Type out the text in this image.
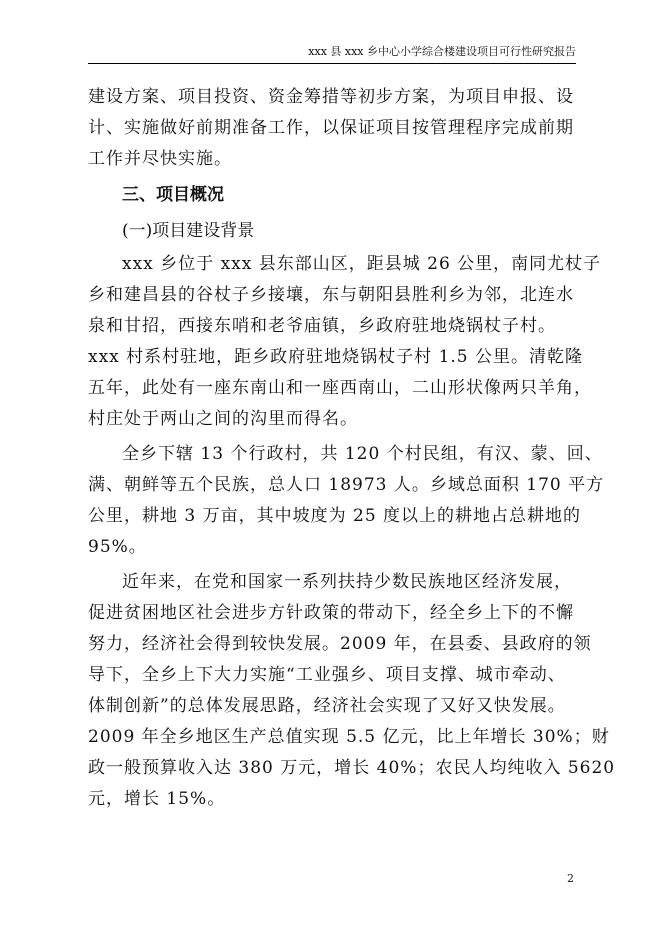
xxx 县 xxx 乡中心小学综合楼建设项目可行性研究报告
建设方案、项目投资、资金筹措等初步方案，为项目申报、设
计、实施做好前期准备工作，以保证项目按管理程序完成前期
工作并尽快实施。
三、项目概况
(一)项目建设背景
xxx 乡位于 xxx 县东部山区，距县城 26 公里，南同尤杖子
乡和建昌县的谷杖子乡接壤，东与朝阳县胜利乡为邻，北连水
泉和甘招，西接东哨和老爷庙镇，乡政府驻地烧锅杖子村。
xxx 村系村驻地，距乡政府驻地烧锅杖子村 1.5 公里。清乾隆
五年，此处有一座东南山和一座西南山，二山形状像两只羊角，
村庄处于两山之间的沟里而得名。
全乡下辖 13 个行政村，共 120 个村民组，有汉、蒙、回、
满、朝鲜等五个民族，总人口 18973 人。乡域总面积 170 平方
公里，耕地 3 万亩，其中坡度为 25 度以上的耕地占总耕地的
95%。
近年来，在党和国家一系列扶持少数民族地区经济发展，
促进贫困地区社会进步方针政策的带动下，经全乡上下的不懈
努力，经济社会得到较快发展。2009 年，在县委、县政府的领
导下，全乡上下大力实施“工业强乡、项目支撑、城市牵动、
体制创新”的总体发展思路，经济社会实现了又好又快发展。
2009 年全乡地区生产总值实现 5.5 亿元，比上年增长 30%；财
政一般预算收入达 380 万元，增长 40%；农民人均纯收入 5620
元，增长 15%。
2
